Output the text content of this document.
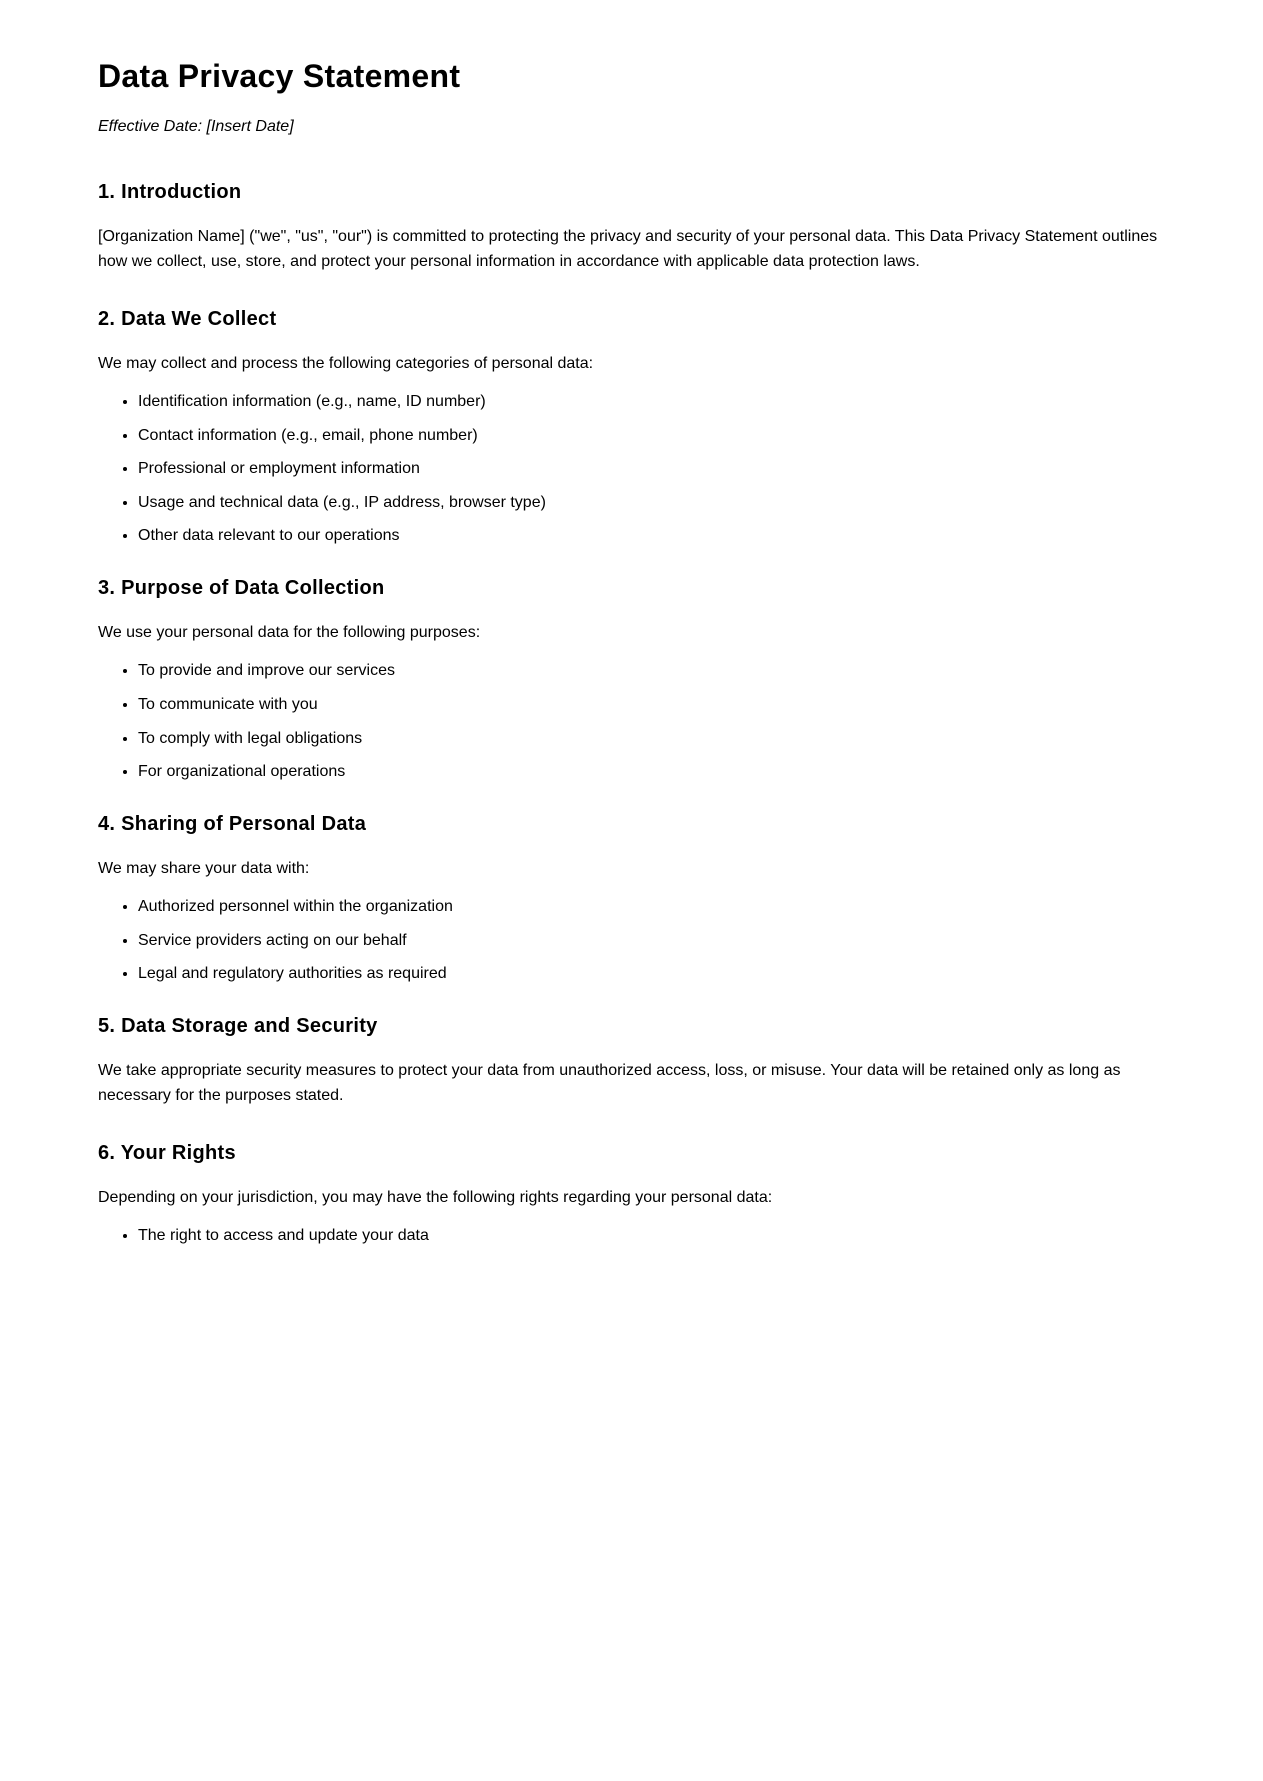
Data Privacy Statement

Effective Date: [Insert Date]

1. Introduction

[Organization Name] ("we", "us", "our") is committed to protecting the privacy and security of your personal data. This Data Privacy Statement outlines how we collect, use, store, and protect your personal information in accordance with applicable data protection laws.

2. Data We Collect

We may collect and process the following categories of personal data:

• Identification information (e.g., name, ID number)
• Contact information (e.g., email, phone number)
• Professional or employment information
• Usage and technical data (e.g., IP address, browser type)
• Other data relevant to our operations
3. Purpose of Data Collection

We use your personal data for the following purposes:

• To provide and improve our services
• To communicate with you
• To comply with legal obligations
• For organizational operations
4. Sharing of Personal Data

We may share your data with:

• Authorized personnel within the organization
• Service providers acting on our behalf
• Legal and regulatory authorities as required
5. Data Storage and Security

We take appropriate security measures to protect your data from unauthorized access, loss, or misuse. Your data will be retained only as long as necessary for the purposes stated.

6. Your Rights

Depending on your jurisdiction, you may have the following rights regarding your personal data:

• The right to access and update your data
